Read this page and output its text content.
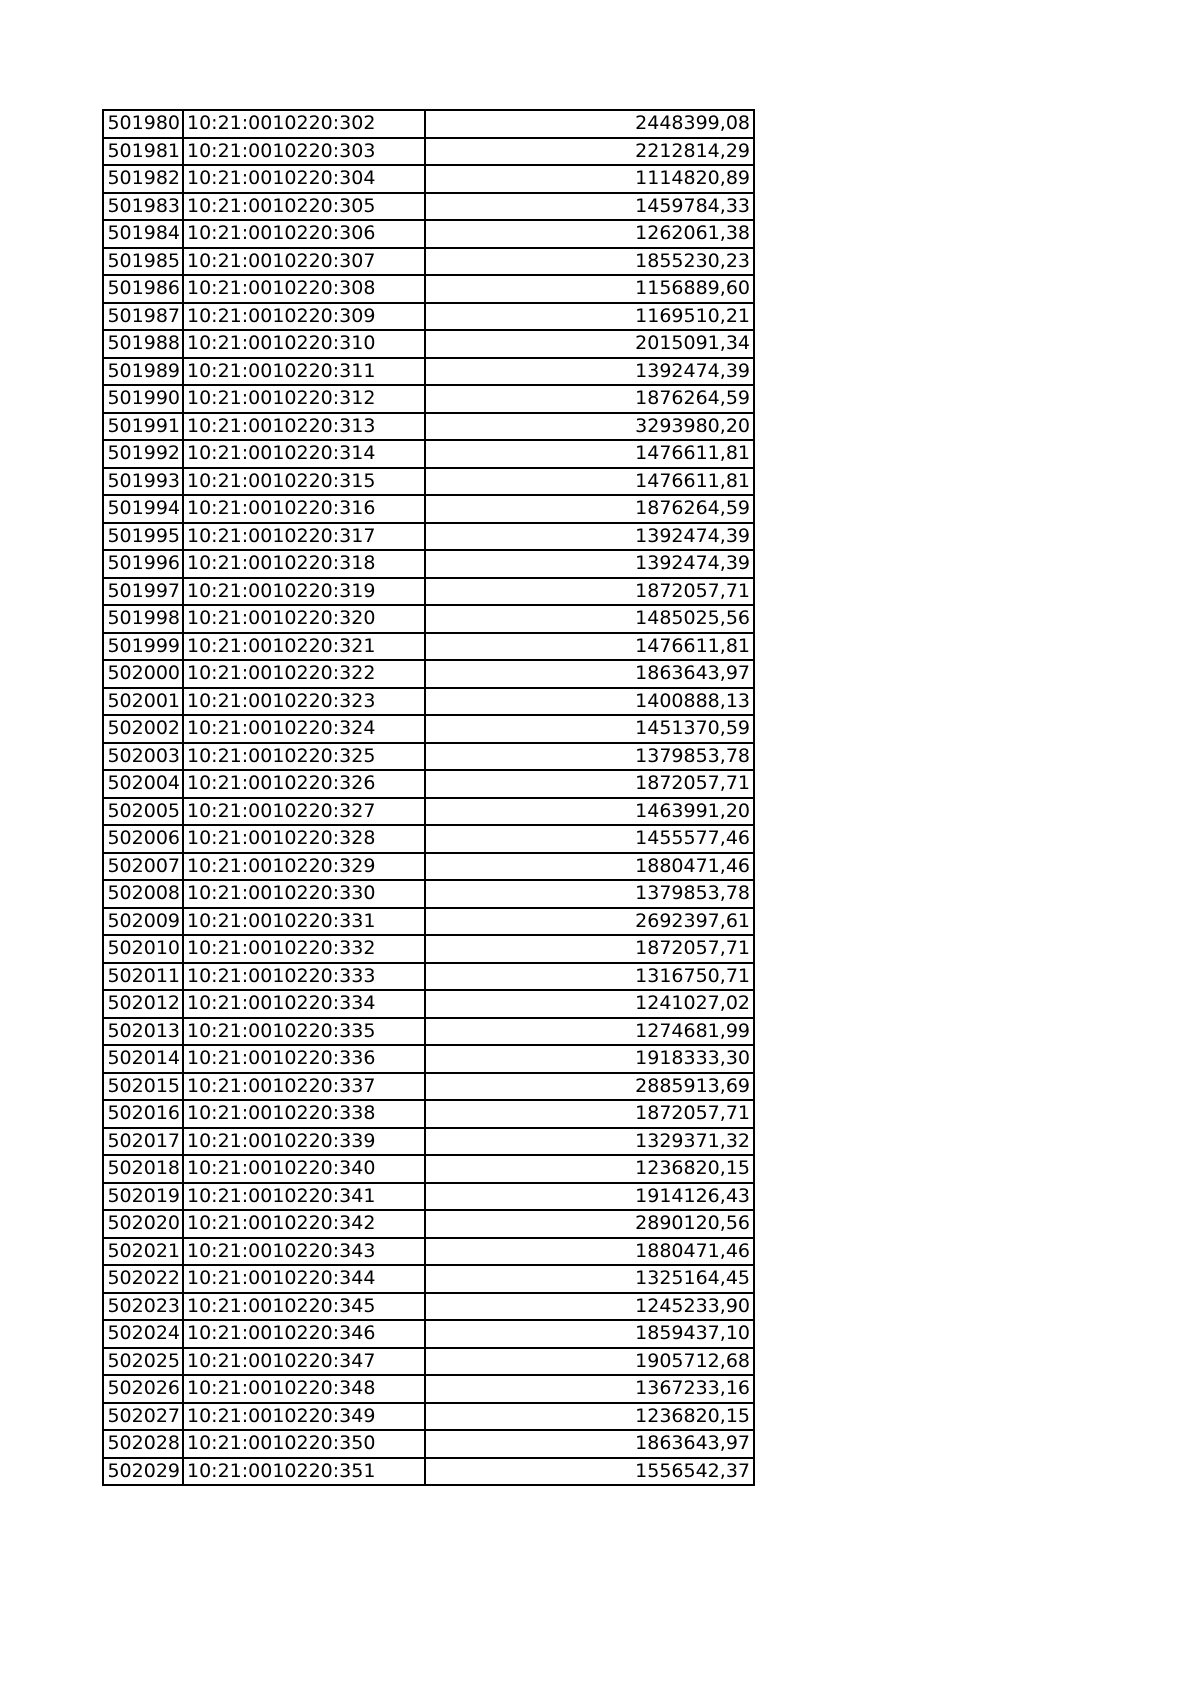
501980	10:21:0010220:302	2448399,08
501981	10:21:0010220:303	2212814,29
501982	10:21:0010220:304	1114820,89
501983	10:21:0010220:305	1459784,33
501984	10:21:0010220:306	1262061,38
501985	10:21:0010220:307	1855230,23
501986	10:21:0010220:308	1156889,60
501987	10:21:0010220:309	1169510,21
501988	10:21:0010220:310	2015091,34
501989	10:21:0010220:311	1392474,39
501990	10:21:0010220:312	1876264,59
501991	10:21:0010220:313	3293980,20
501992	10:21:0010220:314	1476611,81
501993	10:21:0010220:315	1476611,81
501994	10:21:0010220:316	1876264,59
501995	10:21:0010220:317	1392474,39
501996	10:21:0010220:318	1392474,39
501997	10:21:0010220:319	1872057,71
501998	10:21:0010220:320	1485025,56
501999	10:21:0010220:321	1476611,81
502000	10:21:0010220:322	1863643,97
502001	10:21:0010220:323	1400888,13
502002	10:21:0010220:324	1451370,59
502003	10:21:0010220:325	1379853,78
502004	10:21:0010220:326	1872057,71
502005	10:21:0010220:327	1463991,20
502006	10:21:0010220:328	1455577,46
502007	10:21:0010220:329	1880471,46
502008	10:21:0010220:330	1379853,78
502009	10:21:0010220:331	2692397,61
502010	10:21:0010220:332	1872057,71
502011	10:21:0010220:333	1316750,71
502012	10:21:0010220:334	1241027,02
502013	10:21:0010220:335	1274681,99
502014	10:21:0010220:336	1918333,30
502015	10:21:0010220:337	2885913,69
502016	10:21:0010220:338	1872057,71
502017	10:21:0010220:339	1329371,32
502018	10:21:0010220:340	1236820,15
502019	10:21:0010220:341	1914126,43
502020	10:21:0010220:342	2890120,56
502021	10:21:0010220:343	1880471,46
502022	10:21:0010220:344	1325164,45
502023	10:21:0010220:345	1245233,90
502024	10:21:0010220:346	1859437,10
502025	10:21:0010220:347	1905712,68
502026	10:21:0010220:348	1367233,16
502027	10:21:0010220:349	1236820,15
502028	10:21:0010220:350	1863643,97
502029	10:21:0010220:351	1556542,37
